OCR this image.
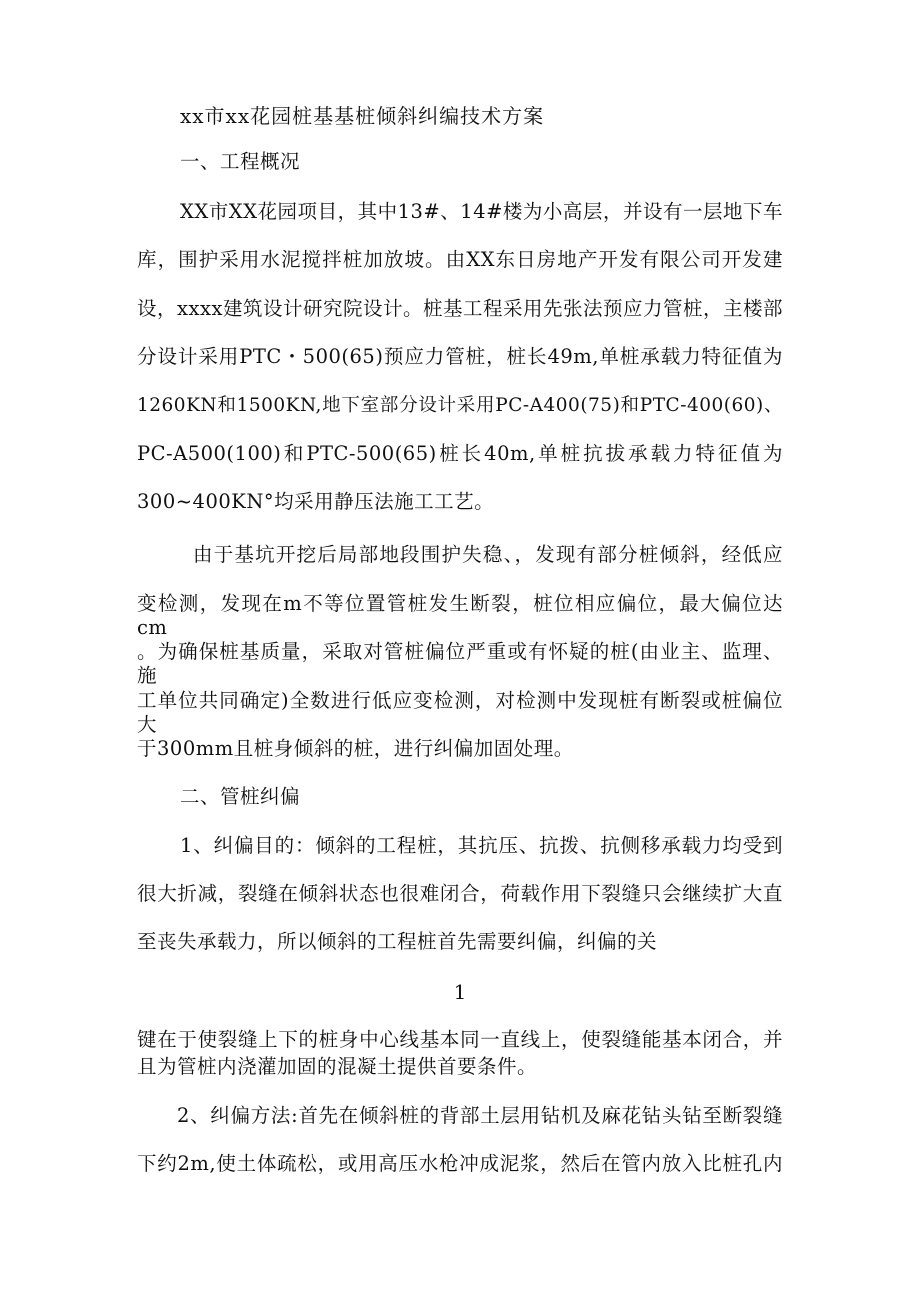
xx市xx花园桩基基桩倾斜纠编技术方案
一、工程概况
XX市XX花园项目，其中13#、14#楼为小高层，并设有一层地下车
库，围护采用水泥搅拌桩加放坡。由XX东日房地产开发有限公司开发建
设，xxxx建筑设计研究院设计。桩基工程采用先张法预应力管桩，主楼部
分设计采用PTC・500(65)预应力管桩，桩长49m,单桩承载力特征值为
1260KN和1500KN,地下室部分设计采用PC-A400(75)和PTC-400(60)、
PC-A500(100)和PTC-500(65)桩长40m,单桩抗拔承载力特征值为
300~400KN°均采用静压法施工工艺。
由于基坑开挖后局部地段围护失稳、，发现有部分桩倾斜，经低应
变检测，发现在m不等位置管桩发生断裂，桩位相应偏位，最大偏位达cm
。为确保桩基质量，采取对管桩偏位严重或有怀疑的桩(由业主、监理、施
工单位共同确定)全数进行低应变检测，对检测中发现桩有断裂或桩偏位大
于300mm且桩身倾斜的桩，进行纠偏加固处理。
二、管桩纠偏
1、纠偏目的：倾斜的工程桩，其抗压、抗拨、抗侧移承载力均受到
很大折减，裂缝在倾斜状态也很难闭合，荷载作用下裂缝只会继续扩大直
至丧失承载力，所以倾斜的工程桩首先需要纠偏，纠偏的关
1
键在于使裂缝上下的桩身中心线基本同一直线上，使裂缝能基本闭合，并
且为管桩内浇灌加固的混凝土提供首要条件。
2、纠偏方法:首先在倾斜桩的背部土层用钻机及麻花钻头钻至断裂缝
下约2m,使土体疏松，或用高压水枪冲成泥浆，然后在管内放入比桩孔内
